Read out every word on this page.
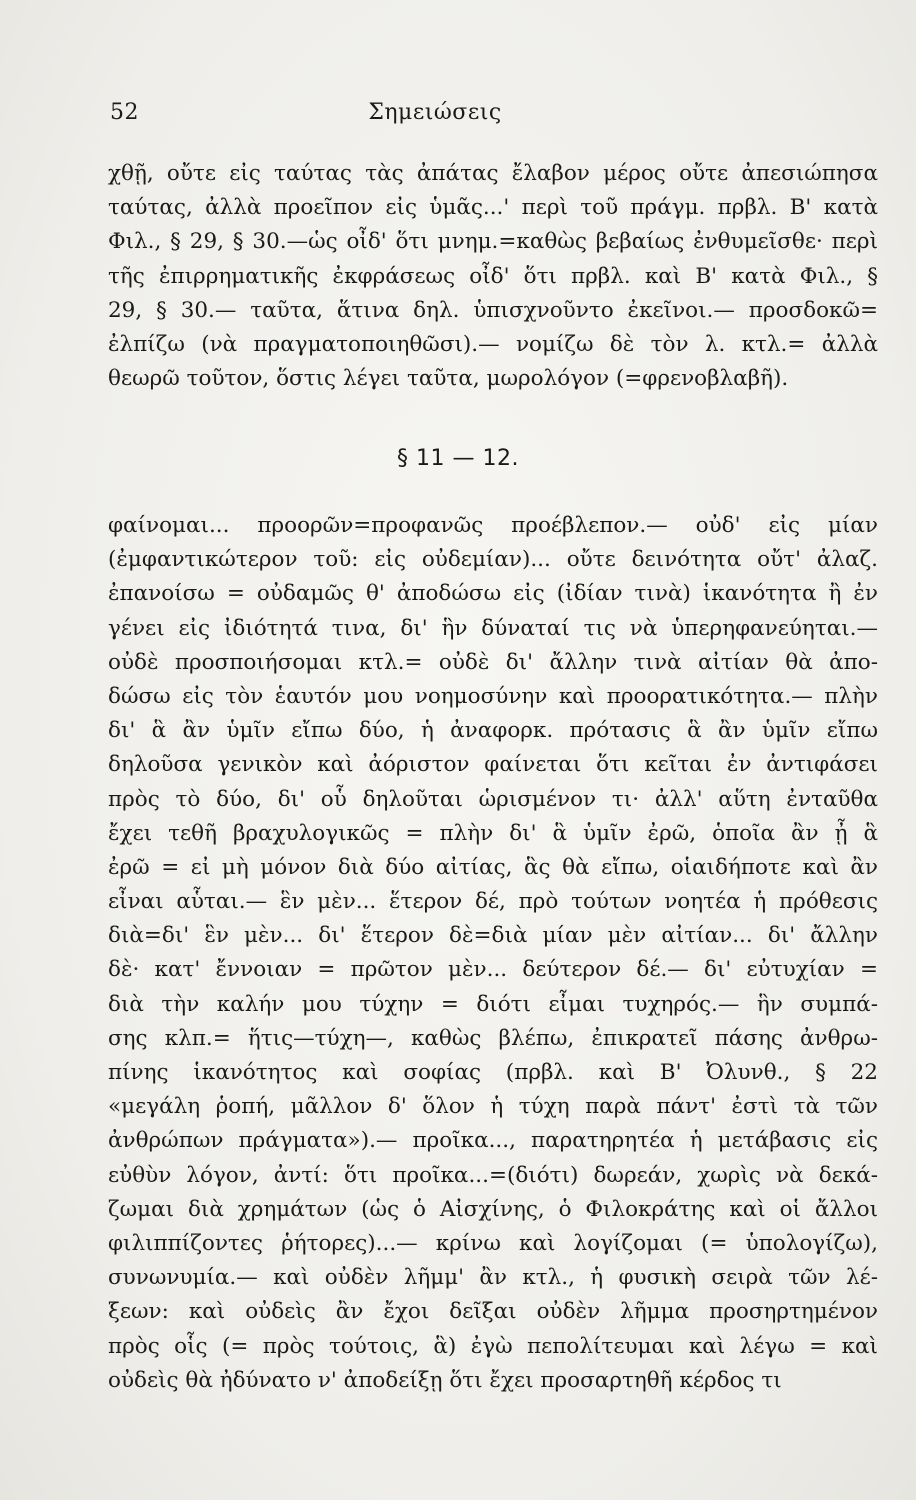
52	Σημειώσεις
χθῇ, οὔτε εἰς ταύτας τὰς ἀπάτας ἔλαβον μέρος οὔτε ἀπεσιώπησα
ταύτας, ἀλλὰ προεῖπον εἰς ὑμᾶς...' περὶ τοῦ πράγμ. πρβλ. Β' κατὰ
Φιλ., § 29, § 30.—ὡς οἶδ' ὅτι μνημ.=καθὼς βεβαίως ἐνθυμεῖσθε· περὶ
τῆς ἐπιρρηματικῆς ἐκφράσεως οἶδ' ὅτι πρβλ. καὶ Β' κατὰ Φιλ., §
29, § 30.— ταῦτα, ἅτινα δηλ. ὑπισχνοῦντο ἐκεῖνοι.— προσδοκῶ=
ἐλπίζω (νὰ πραγματοποιηθῶσι).— νομίζω δὲ τὸν λ. κτλ.= ἀλλὰ
θεωρῶ τοῦτον, ὅστις λέγει ταῦτα, μωρολόγον (=φρενοβλαβῆ).
§ 11 — 12.
φαίνομαι... προορῶν=προφανῶς προέβλεπον.— οὐδ' εἰς μίαν
(ἐμφαντικώτερον τοῦ: εἰς οὐδεμίαν)... οὔτε δεινότητα οὔτ' ἀλαζ.
ἐπανοίσω = οὐδαμῶς θ' ἀποδώσω εἰς (ἰδίαν τινὰ) ἱκανότητα ἢ ἐν
γένει εἰς ἰδιότητά τινα, δι' ἣν δύναταί τις νὰ ὑπερηφανεύηται.—
οὐδὲ προσποιήσομαι κτλ.= οὐδὲ δι' ἄλλην τινὰ αἰτίαν θὰ ἀπο-
δώσω εἰς τὸν ἑαυτόν μου νοημοσύνην καὶ προορατικότητα.— πλὴν
δι' ἃ ἂν ὑμῖν εἴπω δύο, ἡ ἀναφορκ. πρότασις ἃ ἂν ὑμῖν εἴπω
δηλοῦσα γενικὸν καὶ ἀόριστον φαίνεται ὅτι κεῖται ἐν ἀντιφάσει
πρὸς τὸ δύο, δι' οὗ δηλοῦται ὡρισμένον τι· ἀλλ' αὕτη ἐνταῦθα
ἔχει τεθῆ βραχυλογικῶς = πλὴν δι' ἃ ὑμῖν ἐρῶ, ὁποῖα ἂν ᾖ ἃ
ἐρῶ = εἰ μὴ μόνον διὰ δύο αἰτίας, ἃς θὰ εἴπω, οἱαιδήποτε καὶ ἂν
εἶναι αὗται.— ἓν μὲν... ἕτερον δέ, πρὸ τούτων νοητέα ἡ πρόθεσις
διὰ=δι' ἓν μὲν... δι' ἕτερον δὲ=διὰ μίαν μὲν αἰτίαν... δι' ἄλλην
δὲ· κατ' ἔννοιαν = πρῶτον μὲν... δεύτερον δέ.— δι' εὐτυχίαν =
διὰ τὴν καλήν μου τύχην = διότι εἶμαι τυχηρός.— ἣν συμπά-
σης κλπ.= ἥτις—τύχη—, καθὼς βλέπω, ἐπικρατεῖ πάσης ἀνθρω-
πίνης ἱκανότητος καὶ σοφίας (πρβλ. καὶ Β' Ὀλυνθ., § 22
«μεγάλη ῥοπή, μᾶλλον δ' ὅλον ἡ τύχη παρὰ πάντ' ἐστὶ τὰ τῶν
ἀνθρώπων πράγματα»).— προῖκα..., παρατηρητέα ἡ μετάβασις εἰς
εὐθὺν λόγον, ἀντί: ὅτι προῖκα...=(διότι) δωρεάν, χωρὶς νὰ δεκά-
ζωμαι διὰ χρημάτων (ὡς ὁ Αἰσχίνης, ὁ Φιλοκράτης καὶ οἱ ἄλλοι
φιλιππίζοντες ῥήτορες)...— κρίνω καὶ λογίζομαι (= ὑπολογίζω),
συνωνυμία.— καὶ οὐδὲν λῆμμ' ἂν κτλ., ἡ φυσικὴ σειρὰ τῶν λέ-
ξεων: καὶ οὐδεὶς ἂν ἔχοι δεῖξαι οὐδὲν λῆμμα προσηρτημένον
πρὸς οἷς (= πρὸς τούτοις, ἃ) ἐγὼ πεπολίτευμαι καὶ λέγω = καὶ
οὐδεὶς θὰ ἠδύνατο ν' ἀποδείξῃ ὅτι ἔχει προσαρτηθῆ κέρδος τι
